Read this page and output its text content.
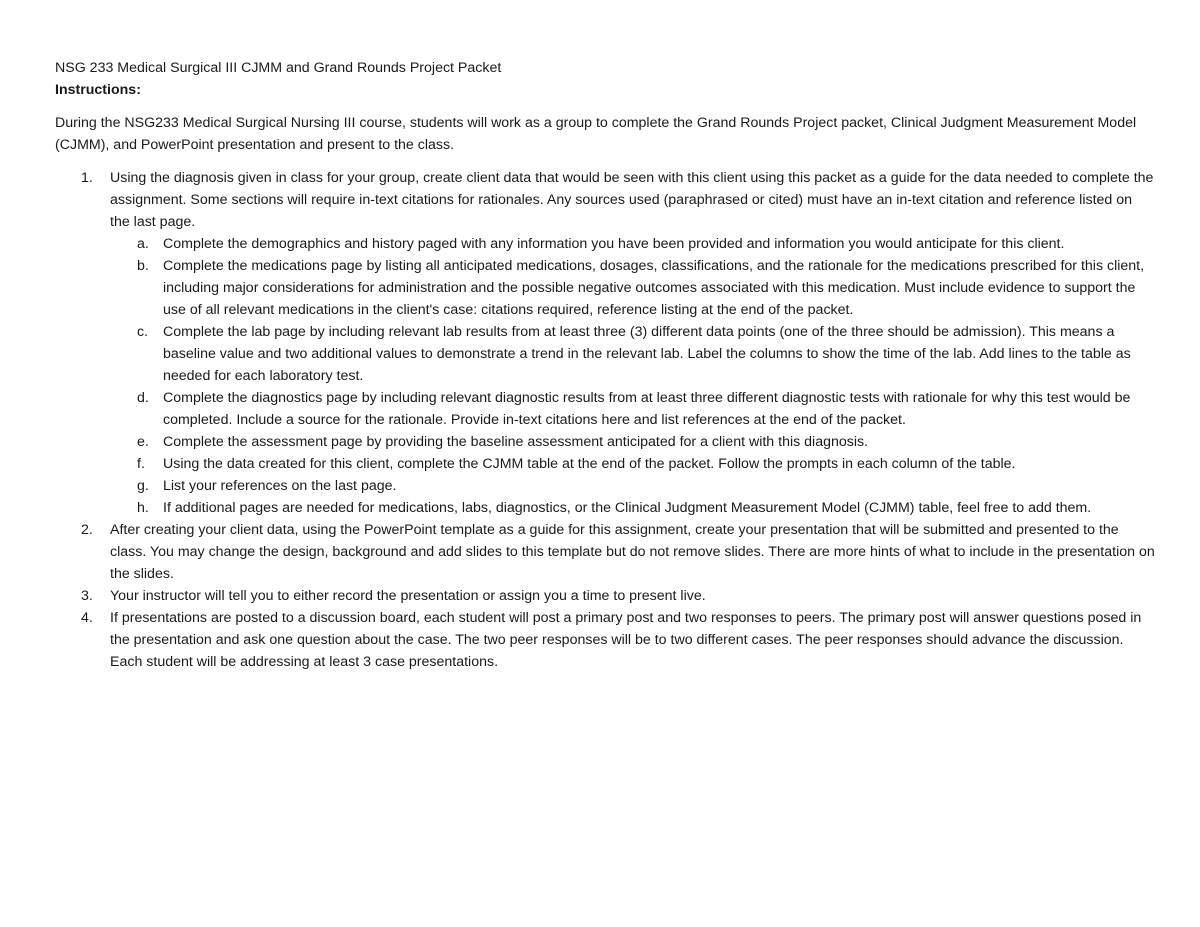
NSG 233 Medical Surgical III CJMM and Grand Rounds Project Packet

Instructions:

During the NSG233 Medical Surgical Nursing III course, students will work as a group to complete the Grand Rounds Project packet, Clinical Judgment Measurement Model (CJMM), and PowerPoint presentation and present to the class.

1.	Using the diagnosis given in class for your group, create client data that would be seen with this client using this packet as a guide for the data needed to complete the assignment. Some sections will require in-text citations for rationales. Any sources used (paraphrased or cited) must have an in-text citation and reference listed on the last page.
a. Complete the demographics and history paged with any information you have been provided and information you would anticipate for this client.
b. Complete the medications page by listing all anticipated medications, dosages, classifications, and the rationale for the medications prescribed for this client, including major considerations for administration and the possible negative outcomes associated with this medication. Must include evidence to support the use of all relevant medications in the client's case: citations required, reference listing at the end of the packet.
c.	Complete the lab page by including relevant lab results from at least three (3) different data points (one of the three should be admission). This means a baseline value and two additional values to demonstrate a trend in the relevant lab. Label the columns to show the time of the lab. Add lines to the table as needed for each laboratory test.
d. Complete the diagnostics page by including relevant diagnostic results from at least three different diagnostic tests with rationale for why this test would be completed. Include a source for the rationale. Provide in-text citations here and list references at the end of the packet.
e. Complete the assessment page by providing the baseline assessment anticipated for a client with this diagnosis.
f.	Using the data created for this client, complete the CJMM table at the end of the packet. Follow the prompts in each column of the table.
g. List your references on the last page.
h. If additional pages are needed for medications, labs, diagnostics, or the Clinical Judgment Measurement Model (CJMM) table, feel free to add them.
2.	After creating your client data, using the PowerPoint template as a guide for this assignment, create your presentation that will be submitted and presented to the class. You may change the design, background and add slides to this template but do not remove slides. There are more hints of what to include in the presentation on the slides.
3.	Your instructor will tell you to either record the presentation or assign you a time to present live.
4.	If presentations are posted to a discussion board, each student will post a primary post and two responses to peers. The primary post will answer questions posed in the presentation and ask one question about the case. The two peer responses will be to two different cases. The peer responses should advance the discussion. Each student will be addressing at least 3 case presentations.
